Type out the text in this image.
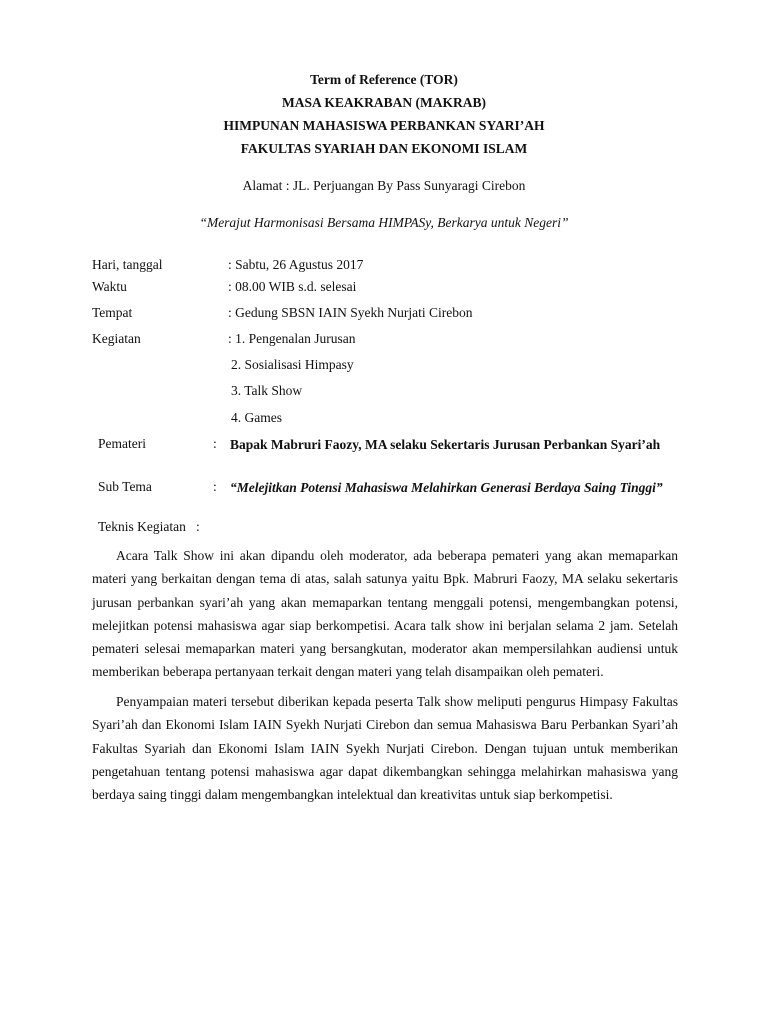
Term of Reference (TOR)
MASA KEAKRABAN (MAKRAB)
HIMPUNAN MAHASISWA PERBANKAN SYARI’AH
FAKULTAS SYARIAH DAN EKONOMI ISLAM
Alamat : JL. Perjuangan By Pass Sunyaragi Cirebon
“Merajut Harmonisasi Bersama HIMPASy, Berkarya untuk Negeri”
Hari, tanggal	: Sabtu, 26 Agustus 2017
Waktu	: 08.00 WIB s.d. selesai
Tempat	: Gedung SBSN IAIN Syekh Nurjati Cirebon
Kegiatan	: 1. Pengenalan Jurusan
2. Sosialisasi Himpasy
3. Talk Show
4. Games
Pemateri	: Bapak Mabruri Faozy, MA selaku Sekertaris Jurusan Perbankan Syari’ah
Sub Tema	: “Melejitkan Potensi Mahasiswa Melahirkan Generasi Berdaya Saing Tinggi”
Teknis Kegiatan   :
Acara Talk Show ini akan dipandu oleh moderator, ada beberapa pemateri yang akan memaparkan materi yang berkaitan dengan tema di atas, salah satunya yaitu Bpk. Mabruri Faozy, MA selaku sekertaris jurusan perbankan syari’ah yang akan memaparkan tentang menggali potensi, mengembangkan potensi, melejitkan potensi mahasiswa agar siap berkompetisi. Acara talk show ini berjalan selama 2 jam. Setelah pemateri selesai memaparkan materi yang bersangkutan, moderator akan mempersilahkan audiensi untuk memberikan beberapa pertanyaan terkait dengan materi yang telah disampaikan oleh pemateri.
Penyampaian materi tersebut diberikan kepada peserta Talk show meliputi pengurus Himpasy Fakultas Syari’ah dan Ekonomi Islam IAIN Syekh Nurjati Cirebon dan semua Mahasiswa Baru Perbankan Syari’ah Fakultas Syariah dan Ekonomi Islam IAIN Syekh Nurjati Cirebon. Dengan tujuan untuk memberikan pengetahuan tentang potensi mahasiswa agar dapat dikembangkan sehingga melahirkan mahasiswa yang berdaya saing tinggi dalam mengembangkan intelektual dan kreativitas untuk siap berkompetisi.
